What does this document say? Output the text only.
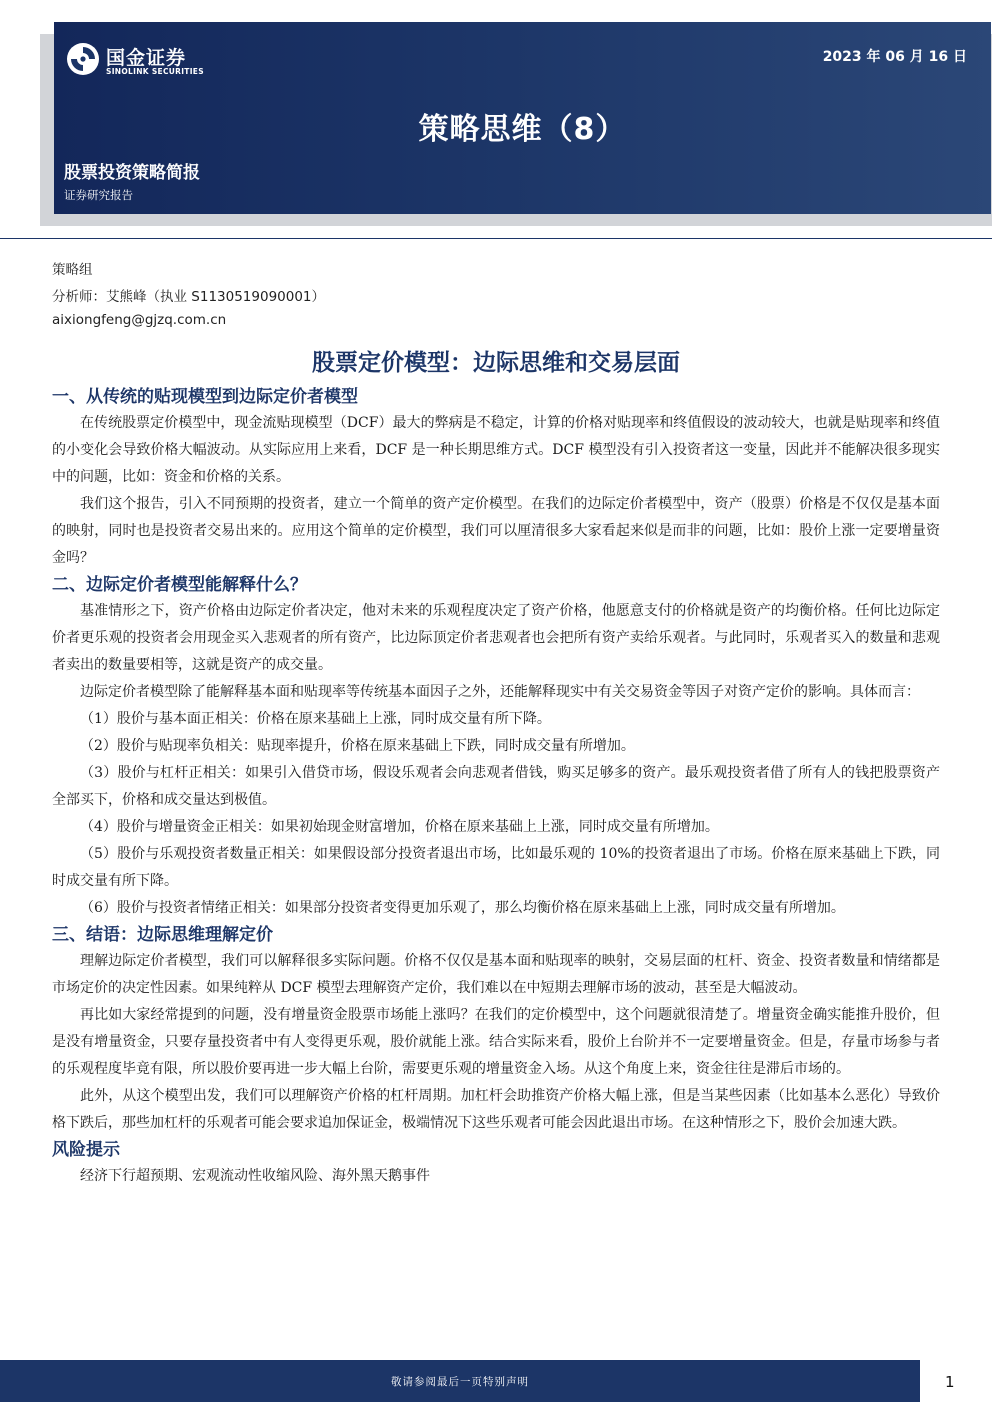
国金证券
SINOLINK SECURITIES
2023 年 06 月 16 日
策略思维（8）
股票投资策略简报
证券研究报告
策略组
分析师：艾熊峰（执业 S1130519090001）
aixiongfeng@gjzq.com.cn
股票定价模型：边际思维和交易层面
一、从传统的贴现模型到边际定价者模型

在传统股票定价模型中，现金流贴现模型（DCF）最大的弊病是不稳定，计算的价格对贴现率和终值假设的波动较大，也就是贴现率和终值的小变化会导致价格大幅波动。从实际应用上来看，DCF 是一种长期思维方式。DCF 模型没有引入投资者这一变量，因此并不能解决很多现实中的问题，比如：资金和价格的关系。

我们这个报告，引入不同预期的投资者，建立一个简单的资产定价模型。在我们的边际定价者模型中，资产（股票）价格是不仅仅是基本面的映射，同时也是投资者交易出来的。应用这个简单的定价模型，我们可以厘清很多大家看起来似是而非的问题，比如：股价上涨一定要增量资金吗？

二、边际定价者模型能解释什么？

基准情形之下，资产价格由边际定价者决定，他对未来的乐观程度决定了资产价格，他愿意支付的价格就是资产的均衡价格。任何比边际定价者更乐观的投资者会用现金买入悲观者的所有资产，比边际顶定价者悲观者也会把所有资产卖给乐观者。与此同时，乐观者买入的数量和悲观者卖出的数量要相等，这就是资产的成交量。

边际定价者模型除了能解释基本面和贴现率等传统基本面因子之外，还能解释现实中有关交易资金等因子对资产定价的影响。具体而言：

（1）股价与基本面正相关：价格在原来基础上上涨，同时成交量有所下降。

（2）股价与贴现率负相关：贴现率提升，价格在原来基础上下跌，同时成交量有所增加。

（3）股价与杠杆正相关：如果引入借贷市场，假设乐观者会向悲观者借钱，购买足够多的资产。最乐观投资者借了所有人的钱把股票资产全部买下，价格和成交量达到极值。

（4）股价与增量资金正相关：如果初始现金财富增加，价格在原来基础上上涨，同时成交量有所增加。

（5）股价与乐观投资者数量正相关：如果假设部分投资者退出市场，比如最乐观的 10%的投资者退出了市场。价格在原来基础上下跌，同时成交量有所下降。

（6）股价与投资者情绪正相关：如果部分投资者变得更加乐观了，那么均衡价格在原来基础上上涨，同时成交量有所增加。

三、结语：边际思维理解定价

理解边际定价者模型，我们可以解释很多实际问题。价格不仅仅是基本面和贴现率的映射，交易层面的杠杆、资金、投资者数量和情绪都是市场定价的决定性因素。如果纯粹从 DCF 模型去理解资产定价，我们难以在中短期去理解市场的波动，甚至是大幅波动。

再比如大家经常提到的问题，没有增量资金股票市场能上涨吗？在我们的定价模型中，这个问题就很清楚了。增量资金确实能推升股价，但是没有增量资金，只要存量投资者中有人变得更乐观，股价就能上涨。结合实际来看，股价上台阶并不一定要增量资金。但是，存量市场参与者的乐观程度毕竟有限，所以股价要再进一步大幅上台阶，需要更乐观的增量资金入场。从这个角度上来，资金往往是滞后市场的。

此外，从这个模型出发，我们可以理解资产价格的杠杆周期。加杠杆会助推资产价格大幅上涨，但是当某些因素（比如基本么恶化）导致价格下跌后，那些加杠杆的乐观者可能会要求追加保证金，极端情况下这些乐观者可能会因此退出市场。在这种情形之下，股价会加速大跌。

风险提示

经济下行超预期、宏观流动性收缩风险、海外黑天鹅事件

敬请参阅最后一页特别声明	1
